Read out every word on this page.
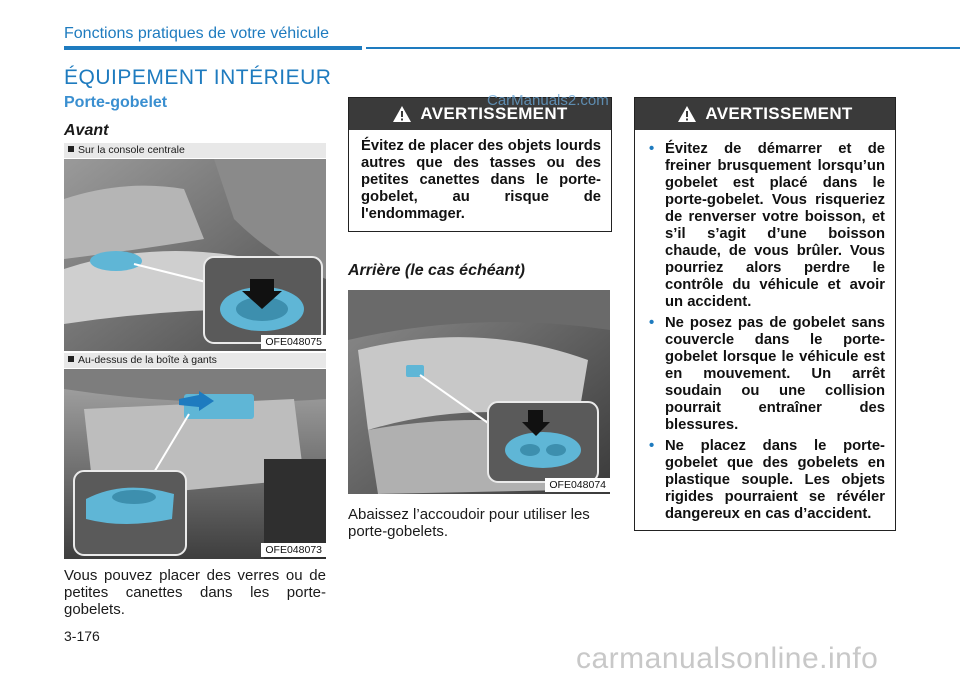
Fonctions pratiques de votre véhicule
ÉQUIPEMENT INTÉRIEUR
Porte-gobelet
Avant
Sur la console centrale
OFE048075
Au-dessus de la boîte à gants
OFE048073
Vous pouvez placer des verres ou de petites canettes dans les porte-gobelets.
AVERTISSEMENT
Évitez de placer des objets lourds autres que des tasses ou des petites canettes dans le porte-gobelet, au risque de l'endommager.
Arrière (le cas échéant)
OFE048074
Abaissez l’accoudoir pour utiliser les porte-gobelets.
AVERTISSEMENT
• Évitez de démarrer et de freiner brusquement lorsqu’un gobelet est placé dans le porte-gobelet. Vous risqueriez de renverser votre boisson, et s’il s’agit d’une boisson chaude, de vous brûler. Vous pourriez alors perdre le contrôle du véhicule et avoir un accident.
• Ne posez pas de gobelet sans couvercle dans le porte-gobelet lorsque le véhicule est en mouvement. Un arrêt soudain ou une collision pourrait entraîner des blessures.
• Ne placez dans le porte-gobelet que des gobelets en plastique souple. Les objets rigides pourraient se révéler dangereux en cas d’accident.
3-176
CarManuals2.com
carmanualsonline.info
